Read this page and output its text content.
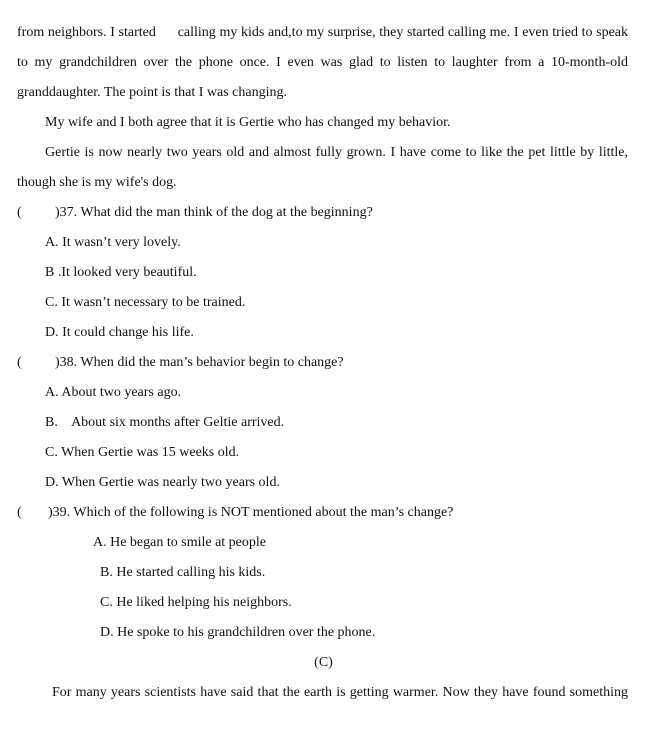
from neighbors. I started      calling my kids and,to my surprise, they started calling me. I even tried to speak
to my grandchildren over the phone once. I even was glad to listen to laughter from a 10-month-old
granddaughter. The point is that I was changing.
My wife and I both agree that it is Gertie who has changed my behavior.
Gertie is now nearly two years old and almost fully grown. I have come to like the pet little by little,
though she is my wife's dog.
( )37. What did the man think of the dog at the beginning?
A. It wasn’t very lovely.
B .It looked very beautiful.
C. It wasn’t necessary to be trained.
D. It could change his life.
( )38. When did the man’s behavior begin to change?
A. About two years ago.
B.    About six months after Geltie arrived.
C. When Gertie was 15 weeks old.
D. When Gertie was nearly two years old.
( )39. Which of the following is NOT mentioned about the man’s change?
A. He began to smile at people
B. He started calling his kids.
C. He liked helping his neighbors.
D. He spoke to his grandchildren over the phone.
(C)
For many years scientists have said that the earth is getting warmer. Now they have found something
